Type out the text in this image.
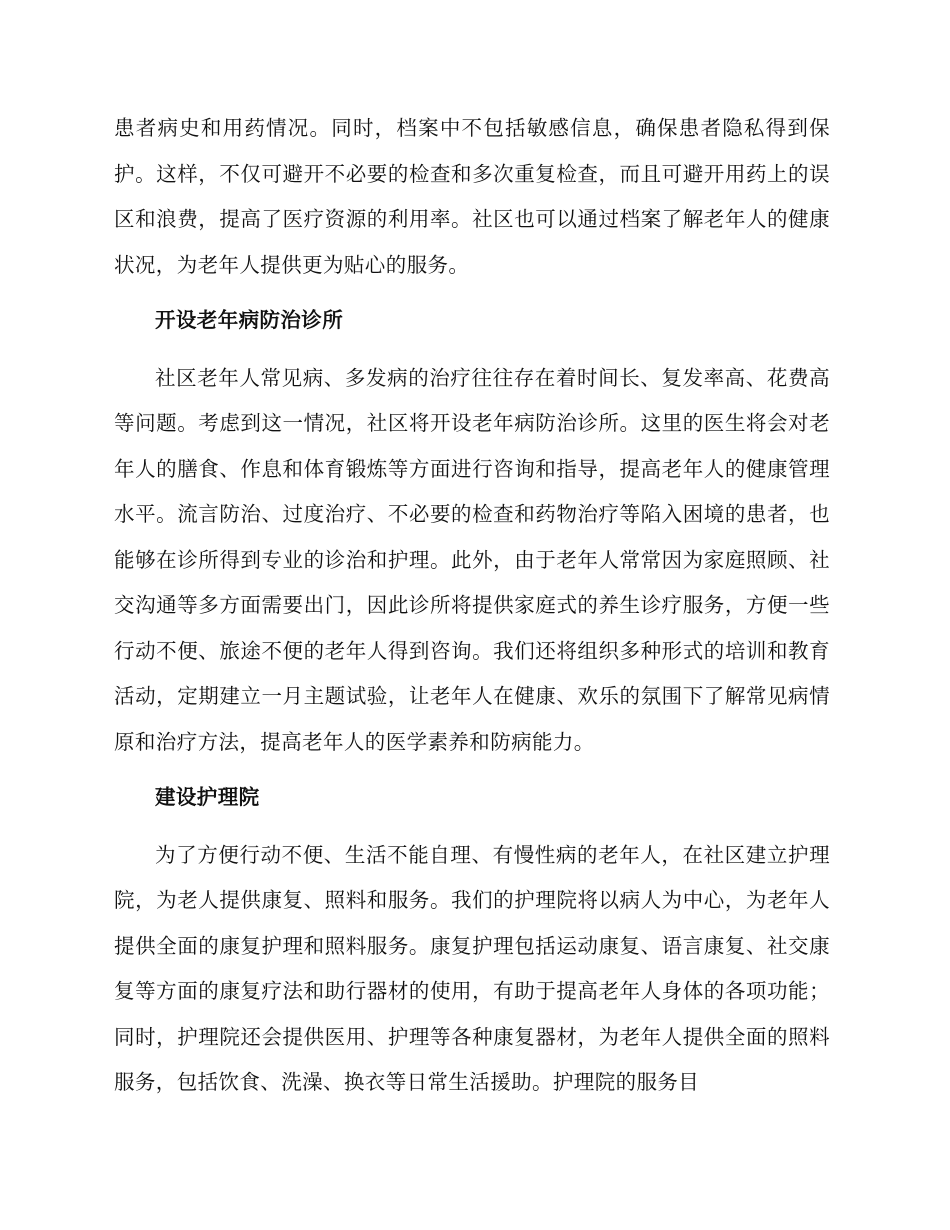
患者病史和用药情况。同时，档案中不包括敏感信息，确保患者隐私得到保护。这样，不仅可避开不必要的检查和多次重复检查，而且可避开用药上的误区和浪费，提高了医疗资源的利用率。社区也可以通过档案了解老年人的健康状况，为老年人提供更为贴心的服务。

开设老年病防治诊所

社区老年人常见病、多发病的治疗往往存在着时间长、复发率高、花费高等问题。考虑到这一情况，社区将开设老年病防治诊所。这里的医生将会对老年人的膳食、作息和体育锻炼等方面进行咨询和指导，提高老年人的健康管理水平。流言防治、过度治疗、不必要的检查和药物治疗等陷入困境的患者，也能够在诊所得到专业的诊治和护理。此外，由于老年人常常因为家庭照顾、社交沟通等多方面需要出门，因此诊所将提供家庭式的养生诊疗服务，方便一些行动不便、旅途不便的老年人得到咨询。我们还将组织多种形式的培训和教育活动，定期建立一月主题试验，让老年人在健康、欢乐的氛围下了解常见病情原和治疗方法，提高老年人的医学素养和防病能力。

建设护理院

为了方便行动不便、生活不能自理、有慢性病的老年人，在社区建立护理院，为老人提供康复、照料和服务。我们的护理院将以病人为中心，为老年人提供全面的康复护理和照料服务。康复护理包括运动康复、语言康复、社交康复等方面的康复疗法和助行器材的使用，有助于提高老年人身体的各项功能；同时，护理院还会提供医用、护理等各种康复器材，为老年人提供全面的照料服务，包括饮食、洗澡、换衣等日常生活援助。护理院的服务目
